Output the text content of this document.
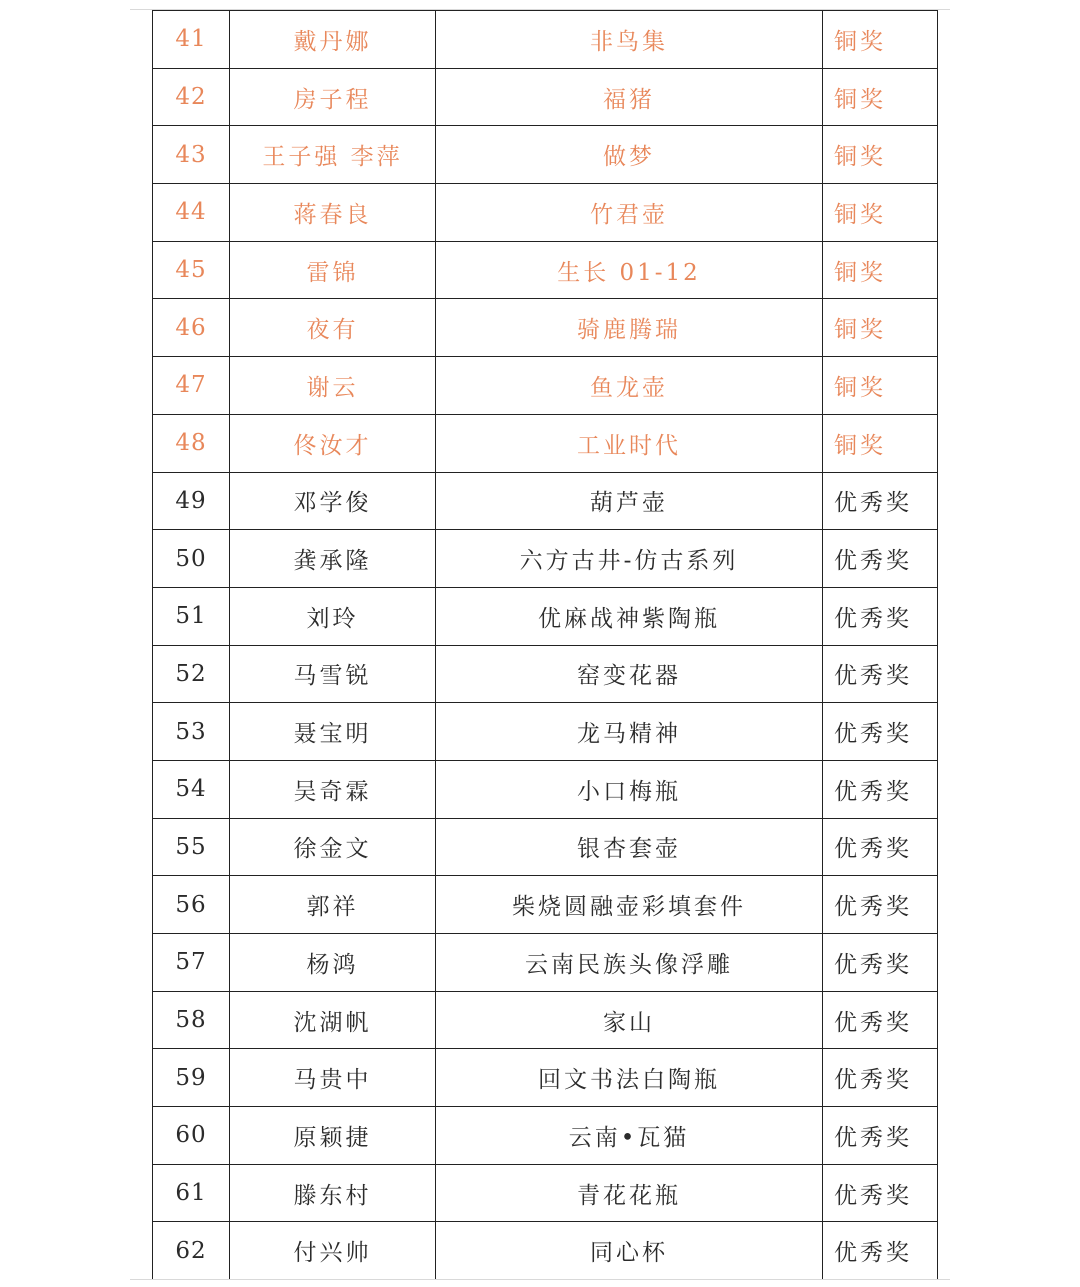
41	戴丹娜	非鸟集	铜奖
42	房子程	福猪	铜奖
43	王子强 李萍	做梦	铜奖
44	蒋春良	竹君壶	铜奖
45	雷锦	生长 01-12	铜奖
46	夜有	骑鹿腾瑞	铜奖
47	谢云	鱼龙壶	铜奖
48	佟汝才	工业时代	铜奖
49	邓学俊	葫芦壶	优秀奖
50	龚承隆	六方古井-仿古系列	优秀奖
51	刘玲	优麻战神紫陶瓶	优秀奖
52	马雪锐	窑变花器	优秀奖
53	聂宝明	龙马精神	优秀奖
54	吴奇霖	小口梅瓶	优秀奖
55	徐金文	银杏套壶	优秀奖
56	郭祥	柴烧圆融壶彩填套件	优秀奖
57	杨鸿	云南民族头像浮雕	优秀奖
58	沈湖帆	家山	优秀奖
59	马贵中	回文书法白陶瓶	优秀奖
60	原颖捷	云南•瓦猫	优秀奖
61	滕东村	青花花瓶	优秀奖
62	付兴帅	同心杯	优秀奖
